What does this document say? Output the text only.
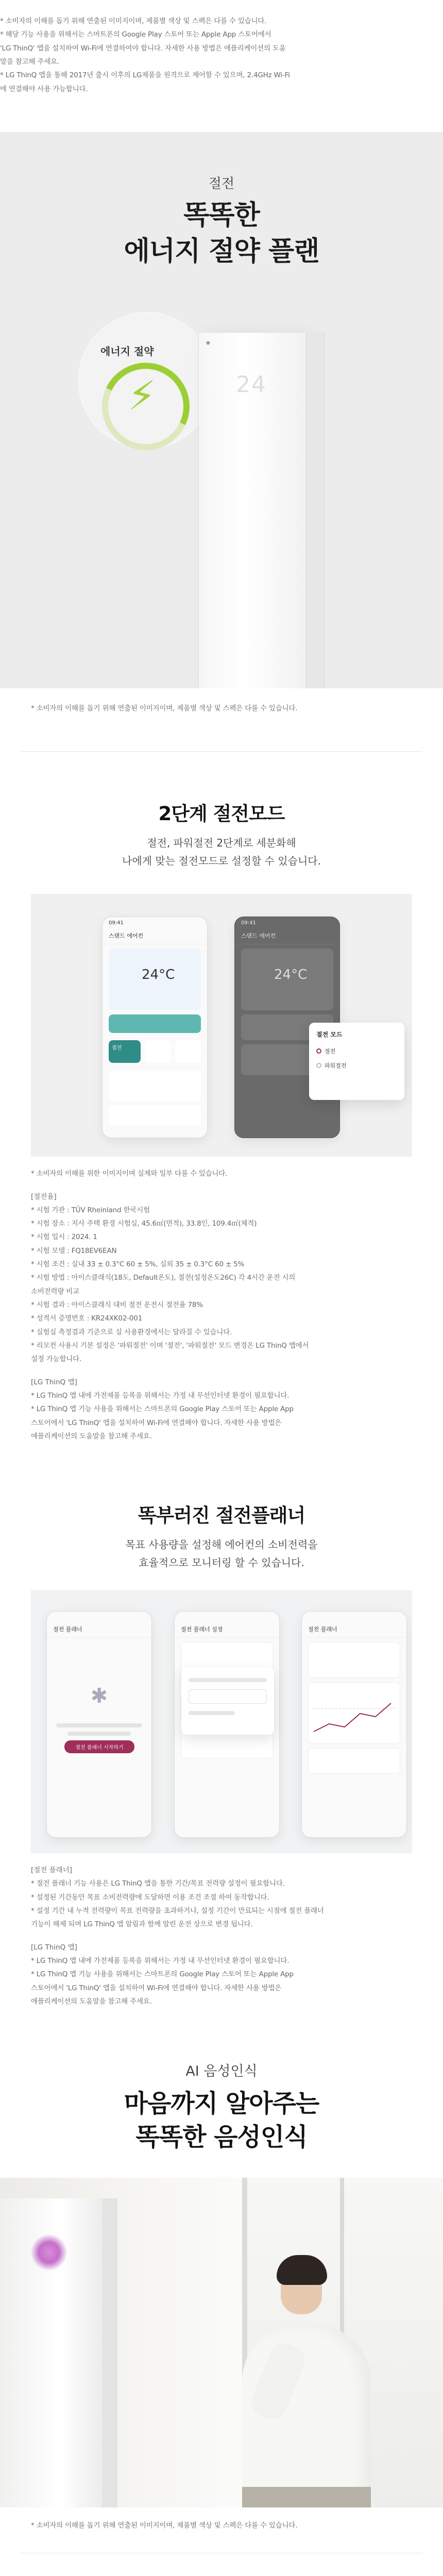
* 소비자의 이해를 돕기 위해 연출된 이미지이며, 제품별 색상 및 스펙은 다를 수 있습니다.

* 해당 기능 사용을 위해서는 스마트폰의 Google Play 스토어 또는 Apple App 스토어에서

'LG ThinQ' 앱을 설치하여 Wi-Fi에 연결하여야 합니다. 자세한 사용 방법은 애플리케이션의 도움

말을 참고해 주세요.

* LG ThinQ 앱을 통해 2017년 출시 이후의 LG제품을 원격으로 제어할 수 있으며, 2.4GHz Wi-Fi

에 연결해야 사용 가능합니다.

절전
똑똑한
에너지 절약 플랜
에너지 절약
⚡
●
24

* 소비자의 이해를 돕기 위해 연출된 이미지이며, 제품별 색상 및 스펙은 다를 수 있습니다.

2단계 절전모드
절전, 파워절전 2단계로 세분화해
나에게 맞는 절전모드로 설정할 수 있습니다.
09:41
스탠드 에어컨
24°C
절전
09:41
스탠드 에어컨
24°C
절전 모드
절전
파워절전

* 소비자의 이해를 위한 이미지이며 실제와 일부 다를 수 있습니다.

[절전율]

* 시험 기관 : TÜV Rheinland 한국시험

* 시험 장소 : 지사 주택 환경 시험실, 45.6㎡(면적), 33.8인, 109.4㎥(체적)

* 시험 일시 : 2024. 1

* 시험 모델 : FQ18EV6EAN

* 시험 조건 : 실내 33 ± 0.3°C 60 ± 5%, 실외 35 ± 0.3°C 60 ± 5%

* 시험 방법 : 아이스클래식(18도, Default온도), 절전(설정온도26C) 각 4시간 운전 시의

소비전력량 비교

* 시험 결과 : 아이스클래식 대비 절전 운전시 절전율 78%

* 성적서 증명번호 : KR24XK02-001

* 실험실 측정결과 기준으로 실 사용환경에서는 달라질 수 있습니다.

* 리모컨 사용시 기본 설정은 '파워절전' 이며 '절전', '파워절전' 모드 변경은 LG ThinQ 앱에서

설정 가능합니다.

[LG ThinQ 앱]

* LG ThinQ 앱 내에 가전제품 등록을 위해서는 가정 내 무선인터넷 환경이 필요합니다.

* LG ThinQ 앱 기능 사용을 위해서는 스마트폰의 Google Play 스토어 또는 Apple App

스토어에서 'LG ThinQ' 앱을 설치하여 Wi-Fi에 연결해야 합니다. 자세한 사용 방법은

애플리케이션의 도움말을 참고해 주세요.

똑부러진 절전플래너
목표 사용량을 설정해 에어컨의 소비전력을
효율적으로 모니터링 할 수 있습니다.
절전 플래너
✱
절전 플래너 시작하기
절전 플래너 설정	절전 플래너

[절전 플래너]

* 절전 플래너 기능 사용은 LG ThinQ 앱을 통한 기간/목표 전력량 설정이 필요합니다.

* 설정된 기간동안 목표 소비전력량에 도달하면 이용 조건 조절 하여 동작합니다.

* 설정 기간 내 누적 전력량이 목표 전력량을 초과하거나, 설정 기간이 만료되는 시점에 절전 플래너

기능이 해제 되며 LG ThinQ 앱 알림과 함께 알린 운전 상으로 변경 됩니다.

[LG ThinQ 앱]

* LG ThinQ 앱 내에 가전제품 등록을 위해서는 가정 내 무선인터넷 환경이 필요합니다.

* LG ThinQ 앱 기능 사용을 위해서는 스마트폰의 Google Play 스토어 또는 Apple App

스토어에서 'LG ThinQ' 앱을 설치하여 Wi-Fi에 연결해야 합니다. 자세한 사용 방법은

애플리케이션의 도움말을 참고해 주세요.

AI 음성인식
마음까지 알아주는
똑똑한 음성인식

* 소비자의 이해를 돕기 위해 연출된 이미지이며, 제품별 색상 및 스펙은 다를 수 있습니다.
